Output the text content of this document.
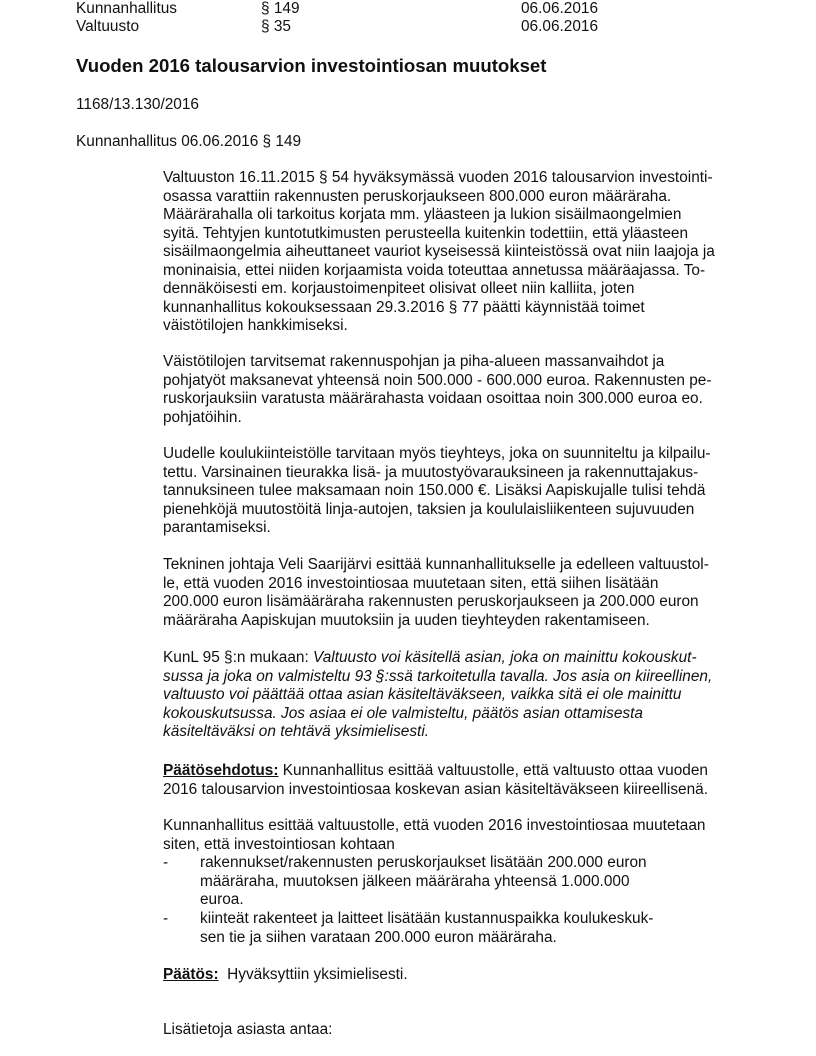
Kunnanhallitus	§ 149	06.06.2016
Valtuusto	§ 35	06.06.2016
Vuoden 2016 talousarvion investointiosan muutokset
1168/13.130/2016
Kunnanhallitus 06.06.2016 § 149
Valtuuston 16.11.2015 § 54 hyväksymässä vuoden 2016 talousarvion investointi-
osassa varattiin rakennusten peruskorjaukseen 800.000 euron määräraha.
Määrärahalla oli tarkoitus korjata mm. yläasteen ja lukion sisäilmaongelmien
syitä. Tehtyjen kuntotutkimusten perusteella kuitenkin todettiin, että yläasteen
sisäilmaongelmia aiheuttaneet vauriot kyseisessä kiinteistössä ovat niin laajoja ja
moninaisia, ettei niiden korjaamista voida toteuttaa annetussa määräajassa. To-
dennäköisesti em. korjaustoimenpiteet olisivat olleet niin kalliita, joten
kunnanhallitus kokouksessaan 29.3.2016 § 77 päätti käynnistää toimet
väistötilojen hankkimiseksi.
Väistötilojen tarvitsemat rakennuspohjan ja piha-alueen massanvaihdot ja
pohjatyöt maksanevat yhteensä noin 500.000 - 600.000 euroa. Rakennusten pe-
ruskorjauksiin varatusta määrärahasta voidaan osoittaa noin 300.000 euroa eo.
pohjatöihin.
Uudelle koulukiinteistölle tarvitaan myös tieyhteys, joka on suunniteltu ja kilpailu-
tettu. Varsinainen tieurakka lisä- ja muutostyövarauksineen ja rakennuttajakus-
tannuksineen tulee maksamaan noin 150.000 €. Lisäksi Aapiskujalle tulisi tehdä
pienehköjä muutostöitä linja-autojen, taksien ja koululaisliikenteen sujuvuuden
parantamiseksi.
Tekninen johtaja Veli Saarijärvi esittää kunnanhallitukselle ja edelleen valtuustol-
le, että vuoden 2016 investointiosaa muutetaan siten, että siihen lisätään
200.000 euron lisämääräraha rakennusten peruskorjaukseen ja 200.000 euron
määräraha Aapiskujan muutoksiin ja uuden tieyhteyden rakentamiseen.
KunL 95 §:n mukaan: Valtuusto voi käsitellä asian, joka on mainittu kokouskut-
sussa ja joka on valmisteltu 93 §:ssä tarkoitetulla tavalla. Jos asia on kiireellinen,
valtuusto voi päättää ottaa asian käsiteltäväkseen, vaikka sitä ei ole mainittu
kokouskutsussa. Jos asiaa ei ole valmisteltu, päätös asian ottamisesta
käsiteltäväksi on tehtävä yksimielisesti.
Päätösehdotus: Kunnanhallitus esittää valtuustolle, että valtuusto ottaa vuoden
2016 talousarvion investointiosaa koskevan asian käsiteltäväkseen kiireellisenä.
Kunnanhallitus esittää valtuustolle, että vuoden 2016 investointiosaa muutetaan
siten, että investointiosan kohtaan
- rakennukset/rakennusten peruskorjaukset lisätään 200.000 euron
määräraha, muutoksen jälkeen määräraha yhteensä 1.000.000
euroa.
- kiinteät rakenteet ja laitteet lisätään kustannuspaikka koulukeskuk-
sen tie ja siihen varataan 200.000 euron määräraha.
Päätös: Hyväksyttiin yksimielisesti.
Lisätietoja asiasta antaa:
